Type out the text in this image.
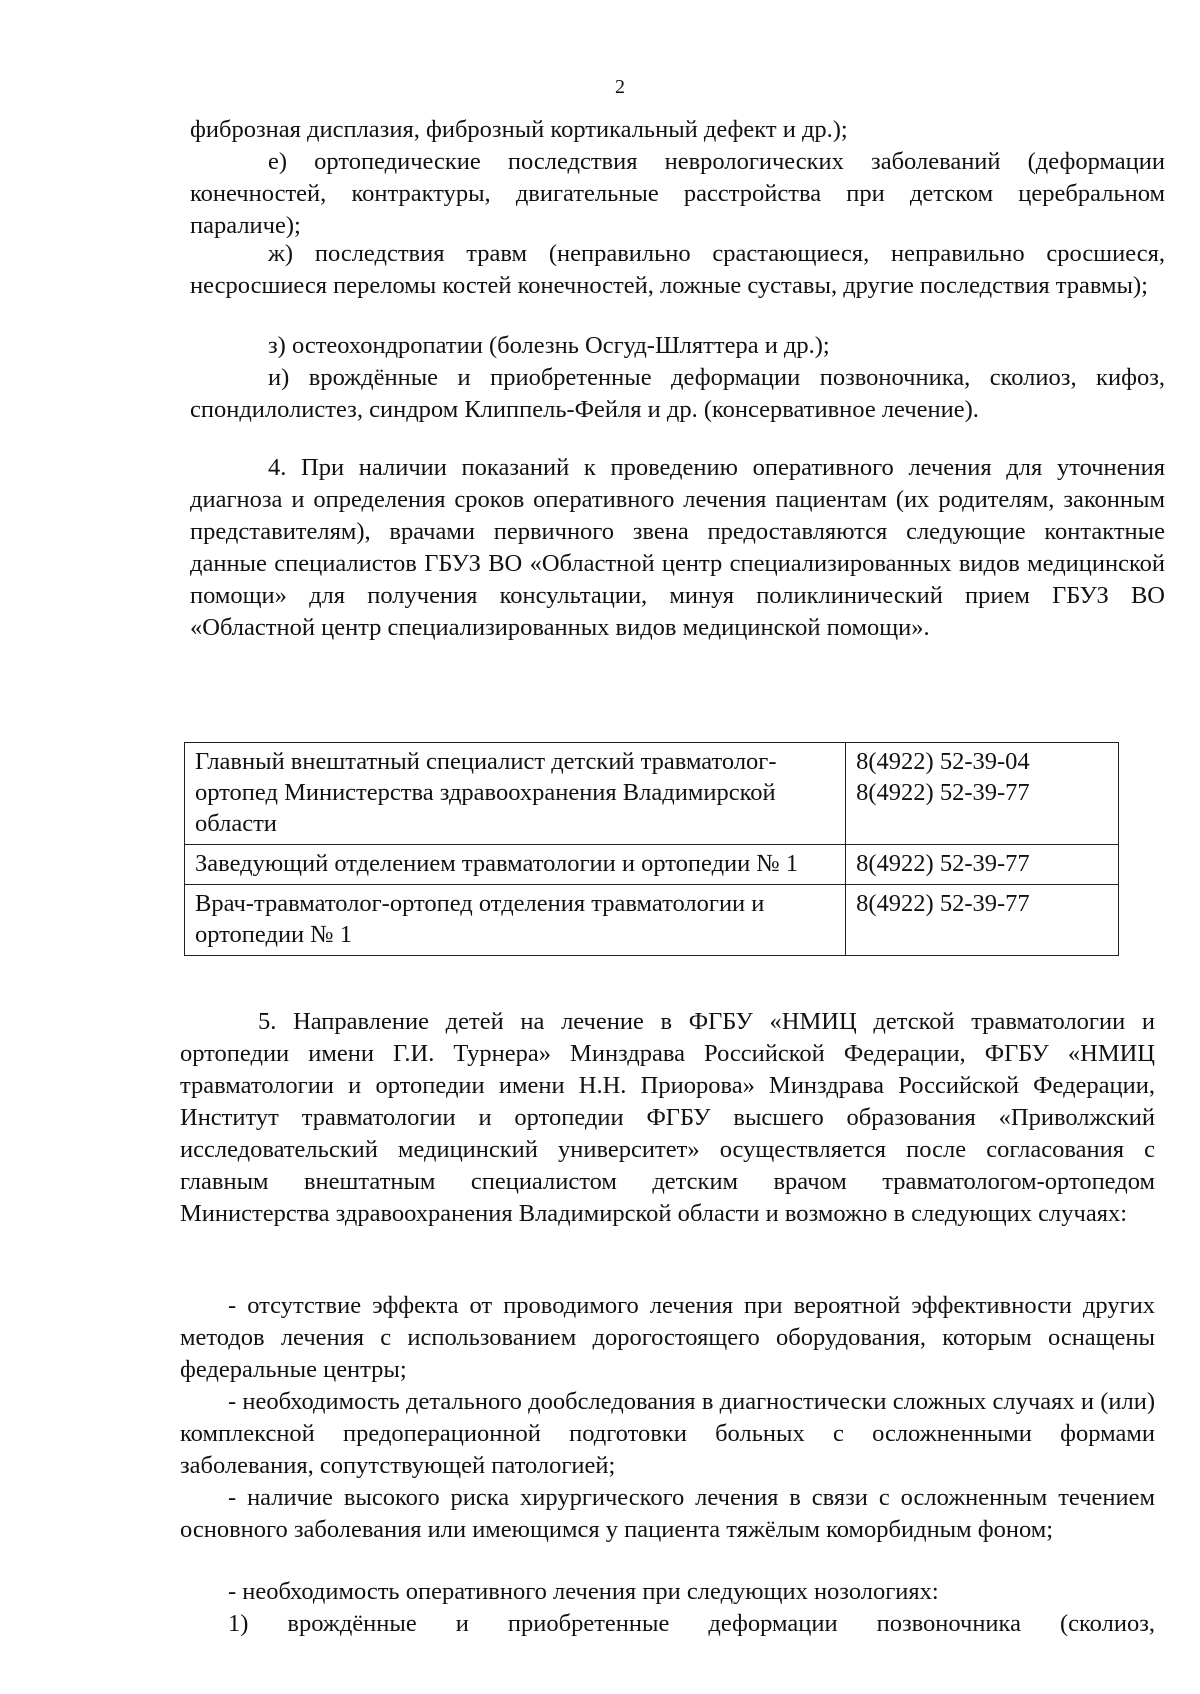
2
фиброзная дисплазия, фиброзный кортикальный дефект и др.);
е) ортопедические последствия неврологических заболеваний (деформации конечностей, контрактуры, двигательные расстройства при детском церебральном параличе);
ж) последствия травм (неправильно срастающиеся, неправильно сросшиеся, несросшиеся переломы костей конечностей, ложные суставы, другие последствия травмы);
з) остеохондропатии (болезнь Осгуд-Шляттера и др.);
и) врождённые и приобретенные деформации позвоночника, сколиоз, кифоз, спондилолистез, синдром Клиппель-Фейля и др. (консервативное лечение).
4. При наличии показаний к проведению оперативного лечения для уточнения диагноза и определения сроков оперативного лечения пациентам (их родителям, законным представителям), врачами первичного звена предоставляются следующие контактные данные специалистов ГБУЗ ВО «Областной центр специализированных видов медицинской помощи» для получения консультации, минуя поликлинический прием ГБУЗ ВО «Областной центр специализированных видов медицинской помощи».
Главный внештатный специалист детский травматолог-ортопед Министерства здравоохранения Владимирской области	8(4922) 52-39-04
8(4922) 52-39-77

Заведующий отделением травматологии и ортопедии № 1	8(4922) 52-39-77

Врач-травматолог-ортопед отделения травматологии и ортопедии № 1	8(4922) 52-39-77
5. Направление детей на лечение в ФГБУ «НМИЦ детской травматологии и ортопедии имени Г.И. Турнера» Минздрава Российской Федерации, ФГБУ «НМИЦ травматологии и ортопедии имени Н.Н. Приорова» Минздрава Российской Федерации, Институт травматологии и ортопедии ФГБУ высшего образования «Приволжский исследовательский медицинский университет» осуществляется после согласования с главным внештатным специалистом детским врачом травматологом-ортопедом Министерства здравоохранения Владимирской области и возможно в следующих случаях:
- отсутствие эффекта от проводимого лечения при вероятной эффективности других методов лечения с использованием дорогостоящего оборудования, которым оснащены федеральные центры;
- необходимость детального дообследования в диагностически сложных случаях и (или) комплексной предоперационной подготовки больных с осложненными формами заболевания, сопутствующей патологией;
- наличие высокого риска хирургического лечения в связи с осложненным течением основного заболевания или имеющимся у пациента тяжёлым коморбидным фоном;
- необходимость оперативного лечения при следующих нозологиях:
1) врождённые и приобретенные деформации позвоночника (сколиоз,
